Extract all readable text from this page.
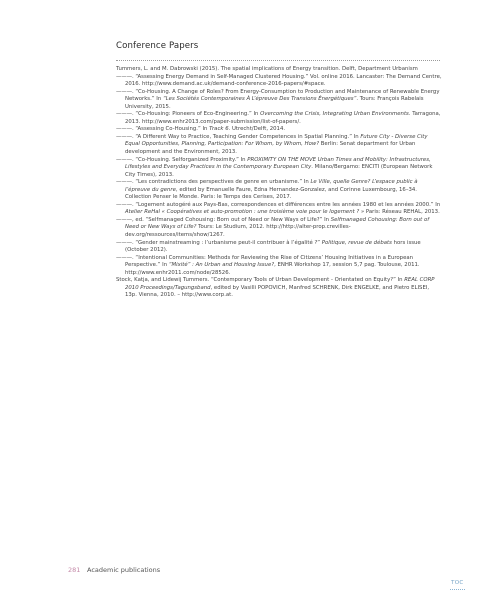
Conference Papers

Tummers, L. and M. Dabrowski (2015). The spatial implications of Energy transition. Delft, Department Urbanism

———. “Assessing Energy Demand in Self-Managed Clustered Housing.” Vol. online 2016. Lancaster: The Demand Centre, 2016. http://www.demand.ac.uk/demand-conference-2016-papers/#space.

———. “Co-Housing. A Change of Roles? From Energy-Consumption to Production and Maintenance of Renewable Energy Networks.” In “Les Sociétés Contemporaines À L’épreuve Des Transions Énergétiques”. Tours: François Rabelais University, 2015.

———. “Co-Housing: Pioneers of Eco-Engineering.” In Overcoming the Crisis, Integrating Urban Environments. Tarragona, 2013. http://www.enhr2013.com/paper-submission/list-of-papers/.

———. “Assessing Co-Housing.” In Track 6. Utrecht/Delft, 2014.

———. “A Different Way to Practice, Teaching Gender Competences in Spatial Planning.” In Future City - Diverse City Equal Opportunities, Planning, Participation: For Whom, by Whom, How? Berlin: Senat department for Urban development and the Environment, 2013.

———. “Co-Housing. Selforganized Proximity.” In PROXIMITY ON THE MOVE Urban Times and Mobility: Infrastructures, Lifestyles and Everyday Practices in the Contemporary European City. Milano/Bergamo: ENCITI (European Network City Times), 2013.

———. “Les contradictions des perspectives de genre en urbanisme.” In Le Ville, quelle Genre? L’espace public à l’épreuve du genre, edited by Emanuelle Faure, Edna Hernandez-Gonzalez, and Corinne Luxembourg, 16–34. Collection Penser le Monde. Paris: le Temps des Cerises, 2017.

———. “Logement autogéré aux Pays-Bas, correspondences et différences entre les années 1980 et les années 2000.” In Atelier ReHal « Coopératives et auto-promotion : une troisième voie pour le logement ? » Paris: Réseau REHAL, 2013.

———, ed. “Selfmanaged Cohousing: Born out of Need or New Ways of Life?” In Selfmanaged Cohousing: Born out of Need or New Ways of Life? Tours: Le Studium, 2012. http://http://alter-prop.crevilles-dev.org/ressources/items/show/1267.

———. “Gender mainstreaming : l’urbanisme peut-il contribuer à l’égalité ?” Politique, revue de débats hors issue (October 2012).

———. “Intentional Communities: Methods for Reviewing the Rise of Citizens’ Housing Initiatives in a European Perspective.” In “Mixité” : An Urban and Housing Issue?, ENHR Workshop 17, session 5,7 pag. Toulouse, 2011. http://www.enhr2011.com/node/28526.

Stock, Katja, and Lidewij Tummers. “Contemporary Tools of Urban Development - Orientated on Equity?” In REAL CORP 2010 Proceedings/Tagungsband, edited by Vasilli POPOVICH, Manfred SCHRENK, Dirk ENGELKE, and Pietro ELISEI, 13p. Vienna, 2010. – http://www.corp.at.

281 Academic publications
TOC
